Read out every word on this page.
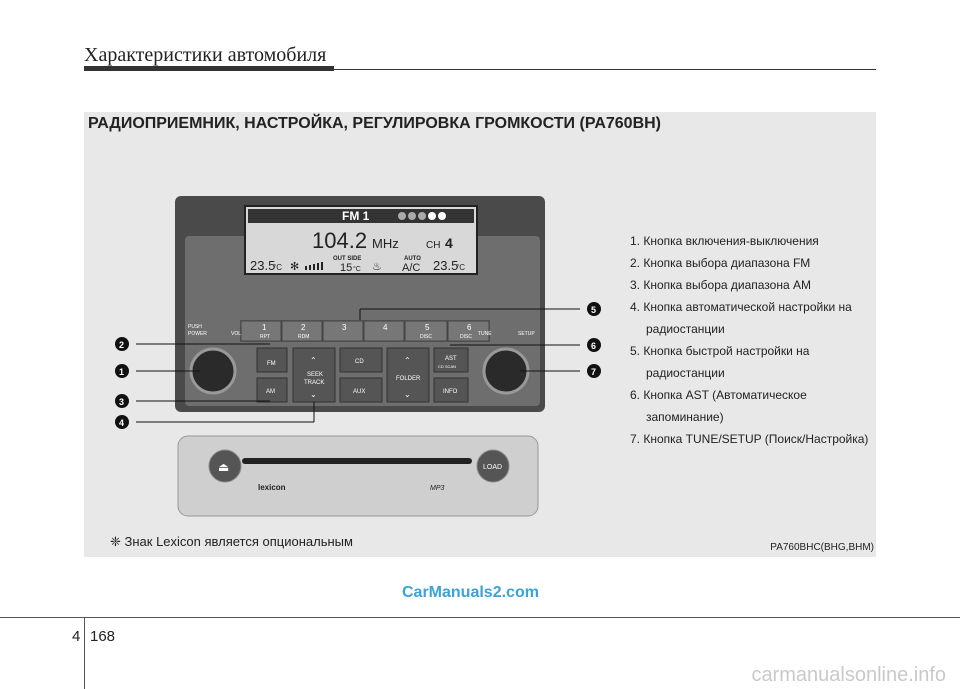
Характеристики автомобиля
РАДИОПРИЕМНИК, НАСТРОЙКА, РЕГУЛИРОВКА ГРОМКОСТИ (PA760BH)
FM 1
104.2 MHz	CH 4
23.5
°C ✻
OUT SIDE
15 °C ♨
AUTO
A/C 23.5
°C
1	2	3	4	5	6
RPT	RDM	DISC	DISC
PUSH
POWER	VOL	TUNE	SETUP
FM
AM
SEEK
TRACK
⌃
⌄
CD
AUX
FOLDER
⌃
⌄
AST
CD SCAN
INFO
⏏	LOAD
lexicon	MP3
1
2
3
4
5
6
7
1. Кнопка включения-выключения
2. Кнопка выбора диапазона FM
3. Кнопка выбора диапазона AM
4. Кнопка автоматической настройки на радиостанции
5. Кнопка быстрой настройки на радиостанции
6. Кнопка AST (Автоматическое запоминание)
7. Кнопка TUNE/SETUP (Поиск/Настройка)
❈ Знак Lexicon является опциональным	PA760BHC(BHG,BHM)
CarManuals2.com
4 168
carmanualsonline.info
